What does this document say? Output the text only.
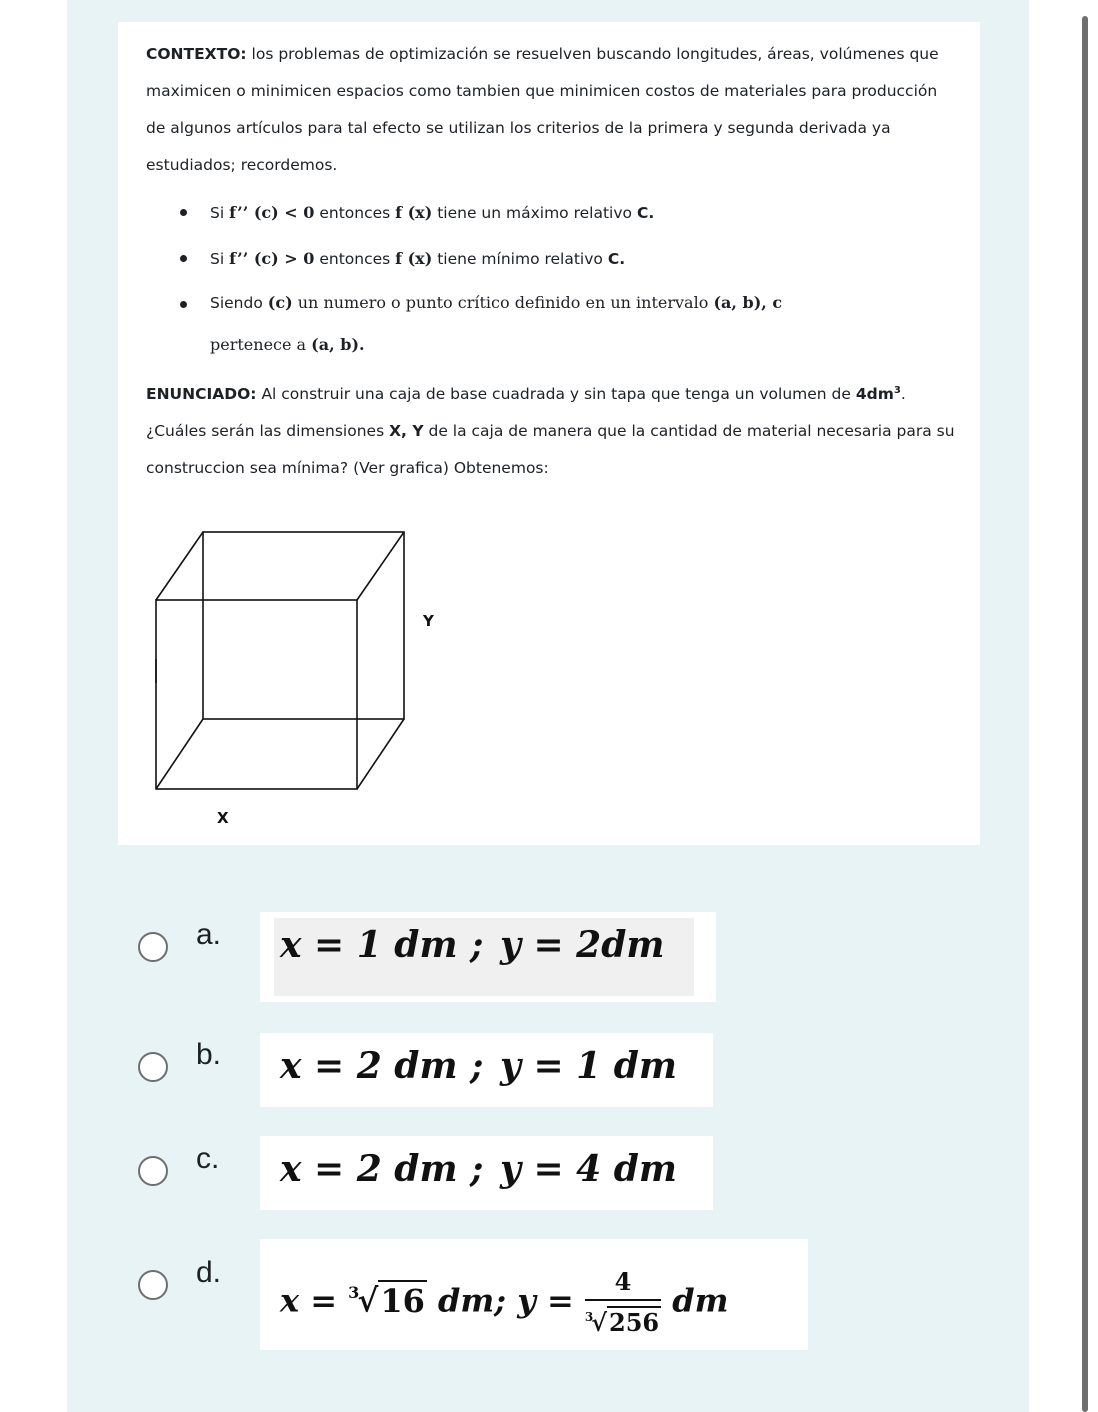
CONTEXTO: los problemas de optimización se resuelven buscando longitudes, áreas, volúmenes que maximicen o minimicen espacios como tambien que minimicen costos de materiales para producción de algunos artículos para tal efecto se utilizan los criterios de la primera y segunda derivada ya estudiados; recordemos.

Si f’’ (c) < 0 entonces f (x) tiene un máximo relativo C.
Si f’’ (c) > 0 entonces f (x) tiene mínimo relativo C.
Siendo (c) un numero o punto crítico definido en un intervalo (a, b), c
pertenece a (a, b).

ENUNCIADO: Al construir una caja de base cuadrada y sin tapa que tenga un volumen de $4dm^3$. ¿Cuáles serán las dimensiones X, Y de la caja de manera que la cantidad de material necesaria para su construccion sea mínima? (Ver grafica) Obtenemos:

Y
X
a. x = 1 dm ; y = 2dm
b. x = 2 dm ; y = 1 dm
c. x = 2 dm ; y = 4 dm
d.
x = $^3$√16 dm; $y = \frac{4}{^3√256}$ dm
